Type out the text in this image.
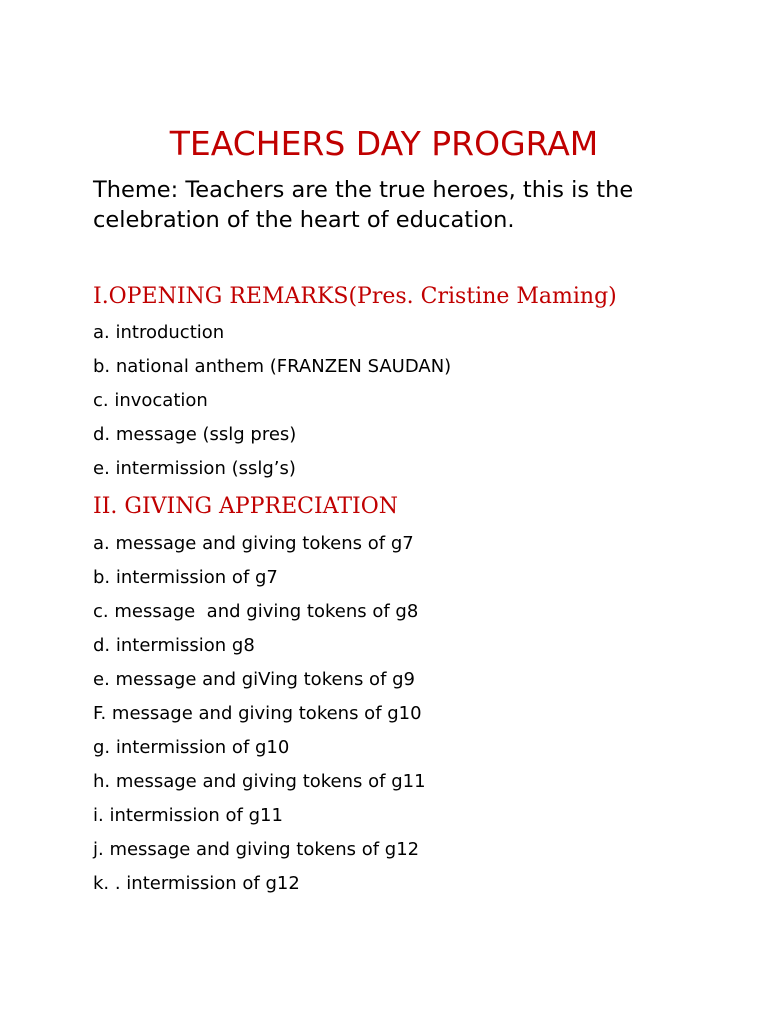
TEACHERS DAY PROGRAM

Theme: Teachers are the true heroes, this is the celebration of the heart of education.

I.OPENING REMARKS(Pres. Cristine Maming)
a. introduction
b. national anthem (FRANZEN SAUDAN)
c. invocation
d. message (sslg pres)
e. intermission (sslg’s)
II. GIVING APPRECIATION
a. message and giving tokens of g7
b. intermission of g7
c. message  and giving tokens of g8
d. intermission g8
e. message and giVing tokens of g9
F. message and giving tokens of g10
g. intermission of g10
h. message and giving tokens of g11
i. intermission of g11
j. message and giving tokens of g12
k. . intermission of g12
